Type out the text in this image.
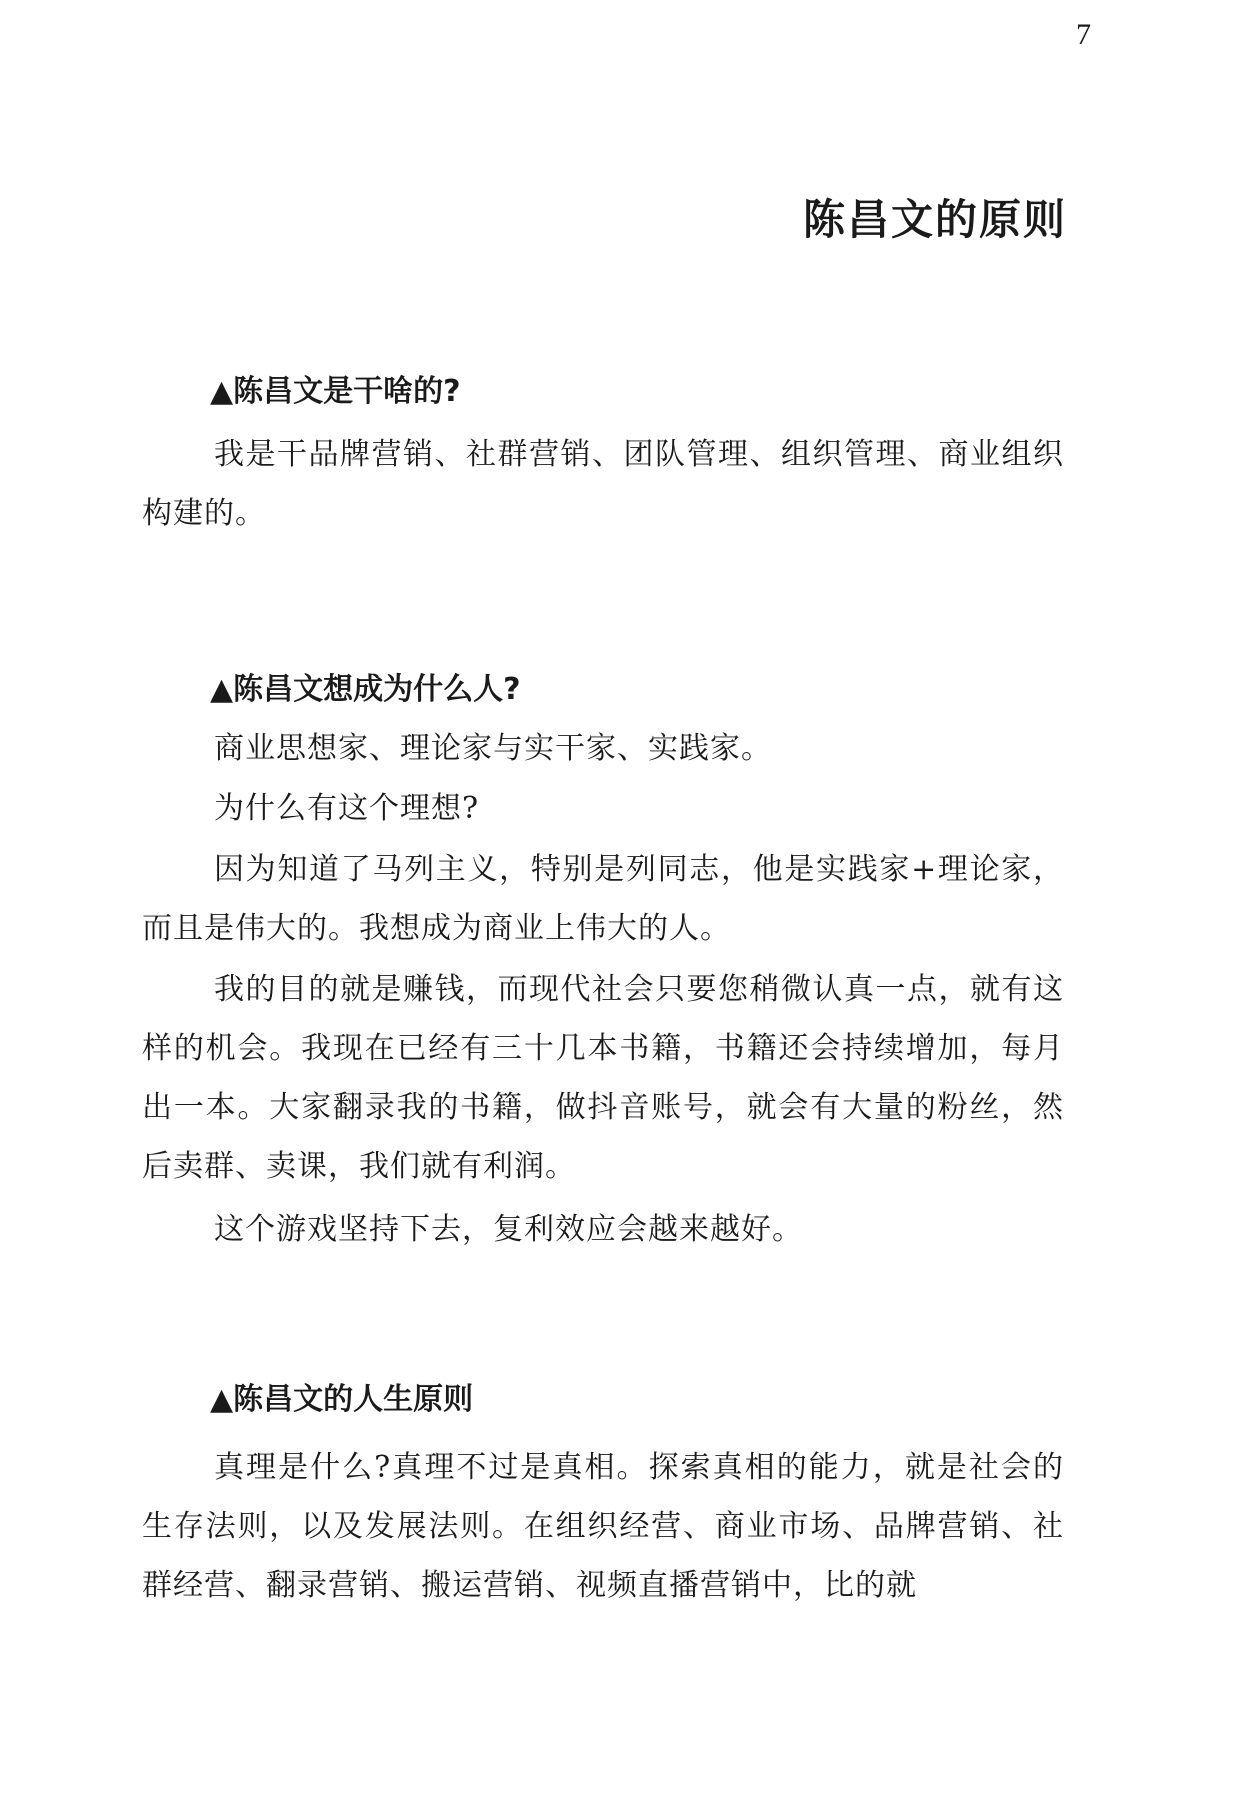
7
陈昌文的原则
▲陈昌文是干啥的?

我是干品牌营销、社群营销、团队管理、组织管理、商业组织构建的。

▲陈昌文想成为什么人?

商业思想家、理论家与实干家、实践家。

为什么有这个理想?

因为知道了马列主义，特别是列同志，他是实践家+理论家，而且是伟大的。我想成为商业上伟大的人。

我的目的就是赚钱，而现代社会只要您稍微认真一点，就有这样的机会。我现在已经有三十几本书籍，书籍还会持续增加，每月出一本。大家翻录我的书籍，做抖音账号，就会有大量的粉丝，然后卖群、卖课，我们就有利润。

这个游戏坚持下去，复利效应会越来越好。

▲陈昌文的人生原则

真理是什么?真理不过是真相。探索真相的能力，就是社会的生存法则，以及发展法则。在组织经营、商业市场、品牌营销、社群经营、翻录营销、搬运营销、视频直播营销中，比的就
